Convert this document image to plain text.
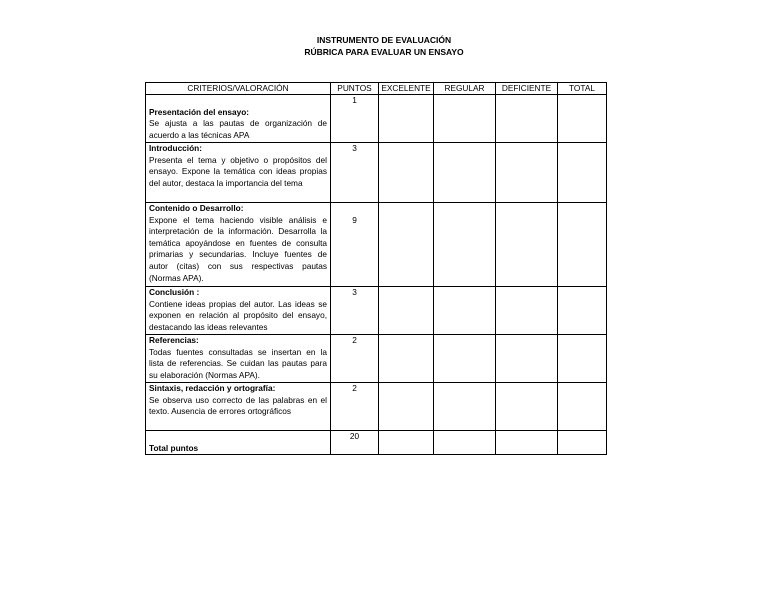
INSTRUMENTO DE EVALUACIÓN
RÚBRICA PARA EVALUAR UN ENSAYO
CRITERIOS/VALORACIÓN	PUNTOS	EXCELENTE	REGULAR	DEFICIENTE	TOTAL

Presentación del ensayo:
Se ajusta a las pautas de organización de acuerdo a las técnicas APA	1				

Introducción:
Presenta el tema y objetivo o propósitos del ensayo. Expone la temática con ideas propias del autor, destaca la importancia del tema	3				

Contenido o Desarrollo:
Expone el tema haciendo visible análisis e interpretación de la información. Desarrolla la temática apoyándose en fuentes de consulta primarias y secundarias. Incluye fuentes de autor (citas) con sus respectivas pautas (Normas APA).	9				

Conclusión :
Contiene ideas propias del autor. Las ideas se exponen en relación al propósito del ensayo, destacando las ideas relevantes	3				

Referencias:
Todas fuentes consultadas se insertan en la lista de referencias. Se cuidan las pautas para su elaboración (Normas APA).	2				

Sintaxis, redacción y ortografía:
Se observa uso correcto de las palabras en el texto. Ausencia de errores ortográficos	2				

Total puntos	20				
